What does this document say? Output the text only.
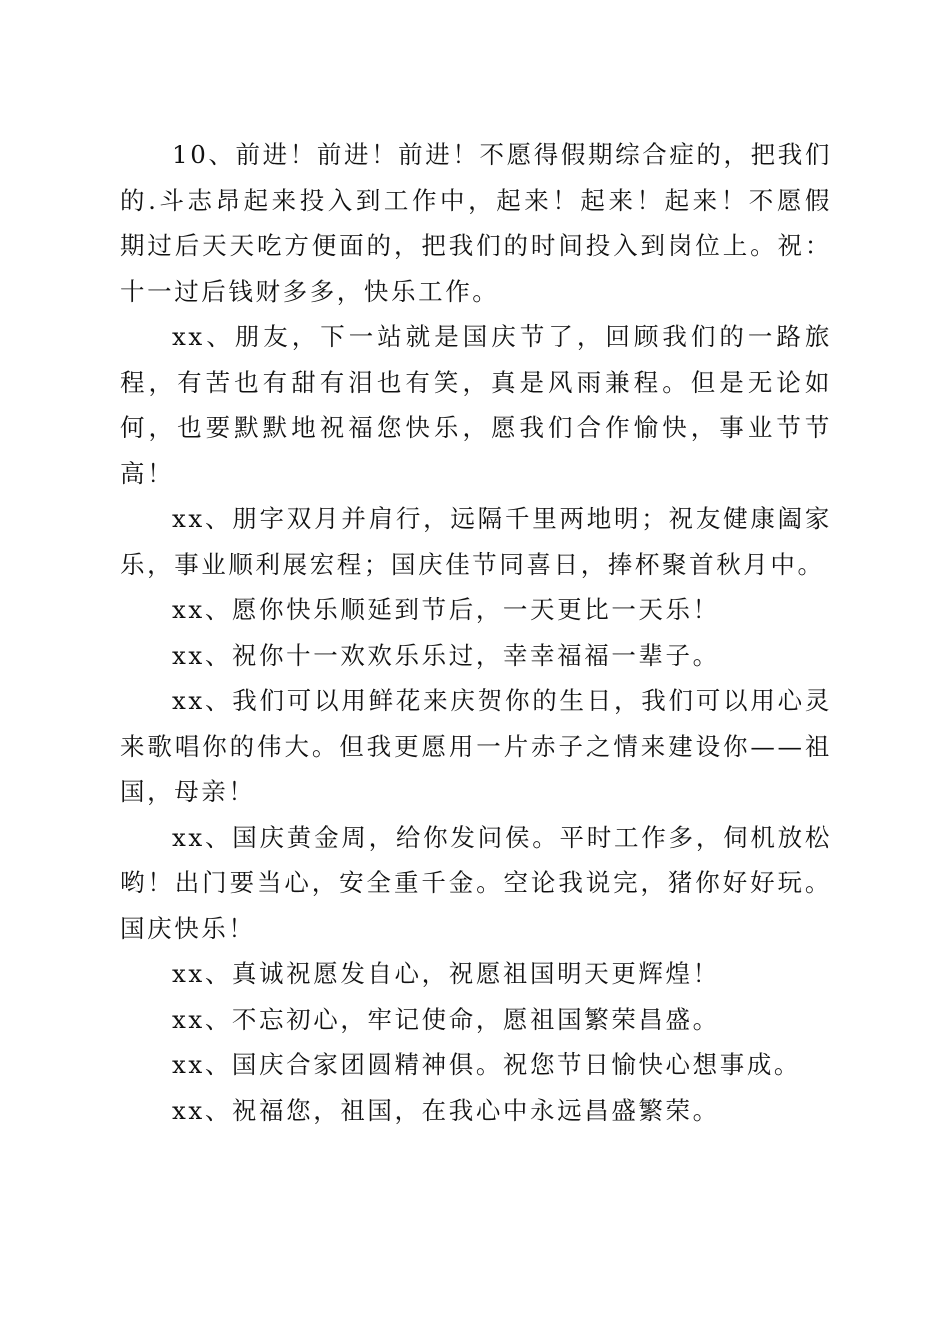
10、前进！前进！前进！不愿得假期综合症的，把我们的.斗志昂起来投入到工作中，起来！起来！起来！不愿假期过后天天吃方便面的，把我们的时间投入到岗位上。祝：十一过后钱财多多，快乐工作。

xx、朋友，下一站就是国庆节了，回顾我们的一路旅程，有苦也有甜有泪也有笑，真是风雨兼程。但是无论如何，也要默默地祝福您快乐，愿我们合作愉快，事业节节高！

xx、朋字双月并肩行，远隔千里两地明；祝友健康阖家乐，事业顺利展宏程；国庆佳节同喜日，捧杯聚首秋月中。

xx、愿你快乐顺延到节后，一天更比一天乐！

xx、祝你十一欢欢乐乐过，幸幸福福一辈子。

xx、我们可以用鲜花来庆贺你的生日，我们可以用心灵来歌唱你的伟大。但我更愿用一片赤子之情来建设你——祖国，母亲！

xx、国庆黄金周，给你发问侯。平时工作多，伺机放松哟！出门要当心，安全重千金。空论我说完，猪你好好玩。国庆快乐！

xx、真诚祝愿发自心，祝愿祖国明天更辉煌！

xx、不忘初心，牢记使命，愿祖国繁荣昌盛。

xx、国庆合家团圆精神俱。祝您节日愉快心想事成。

xx、祝福您，祖国，在我心中永远昌盛繁荣。
